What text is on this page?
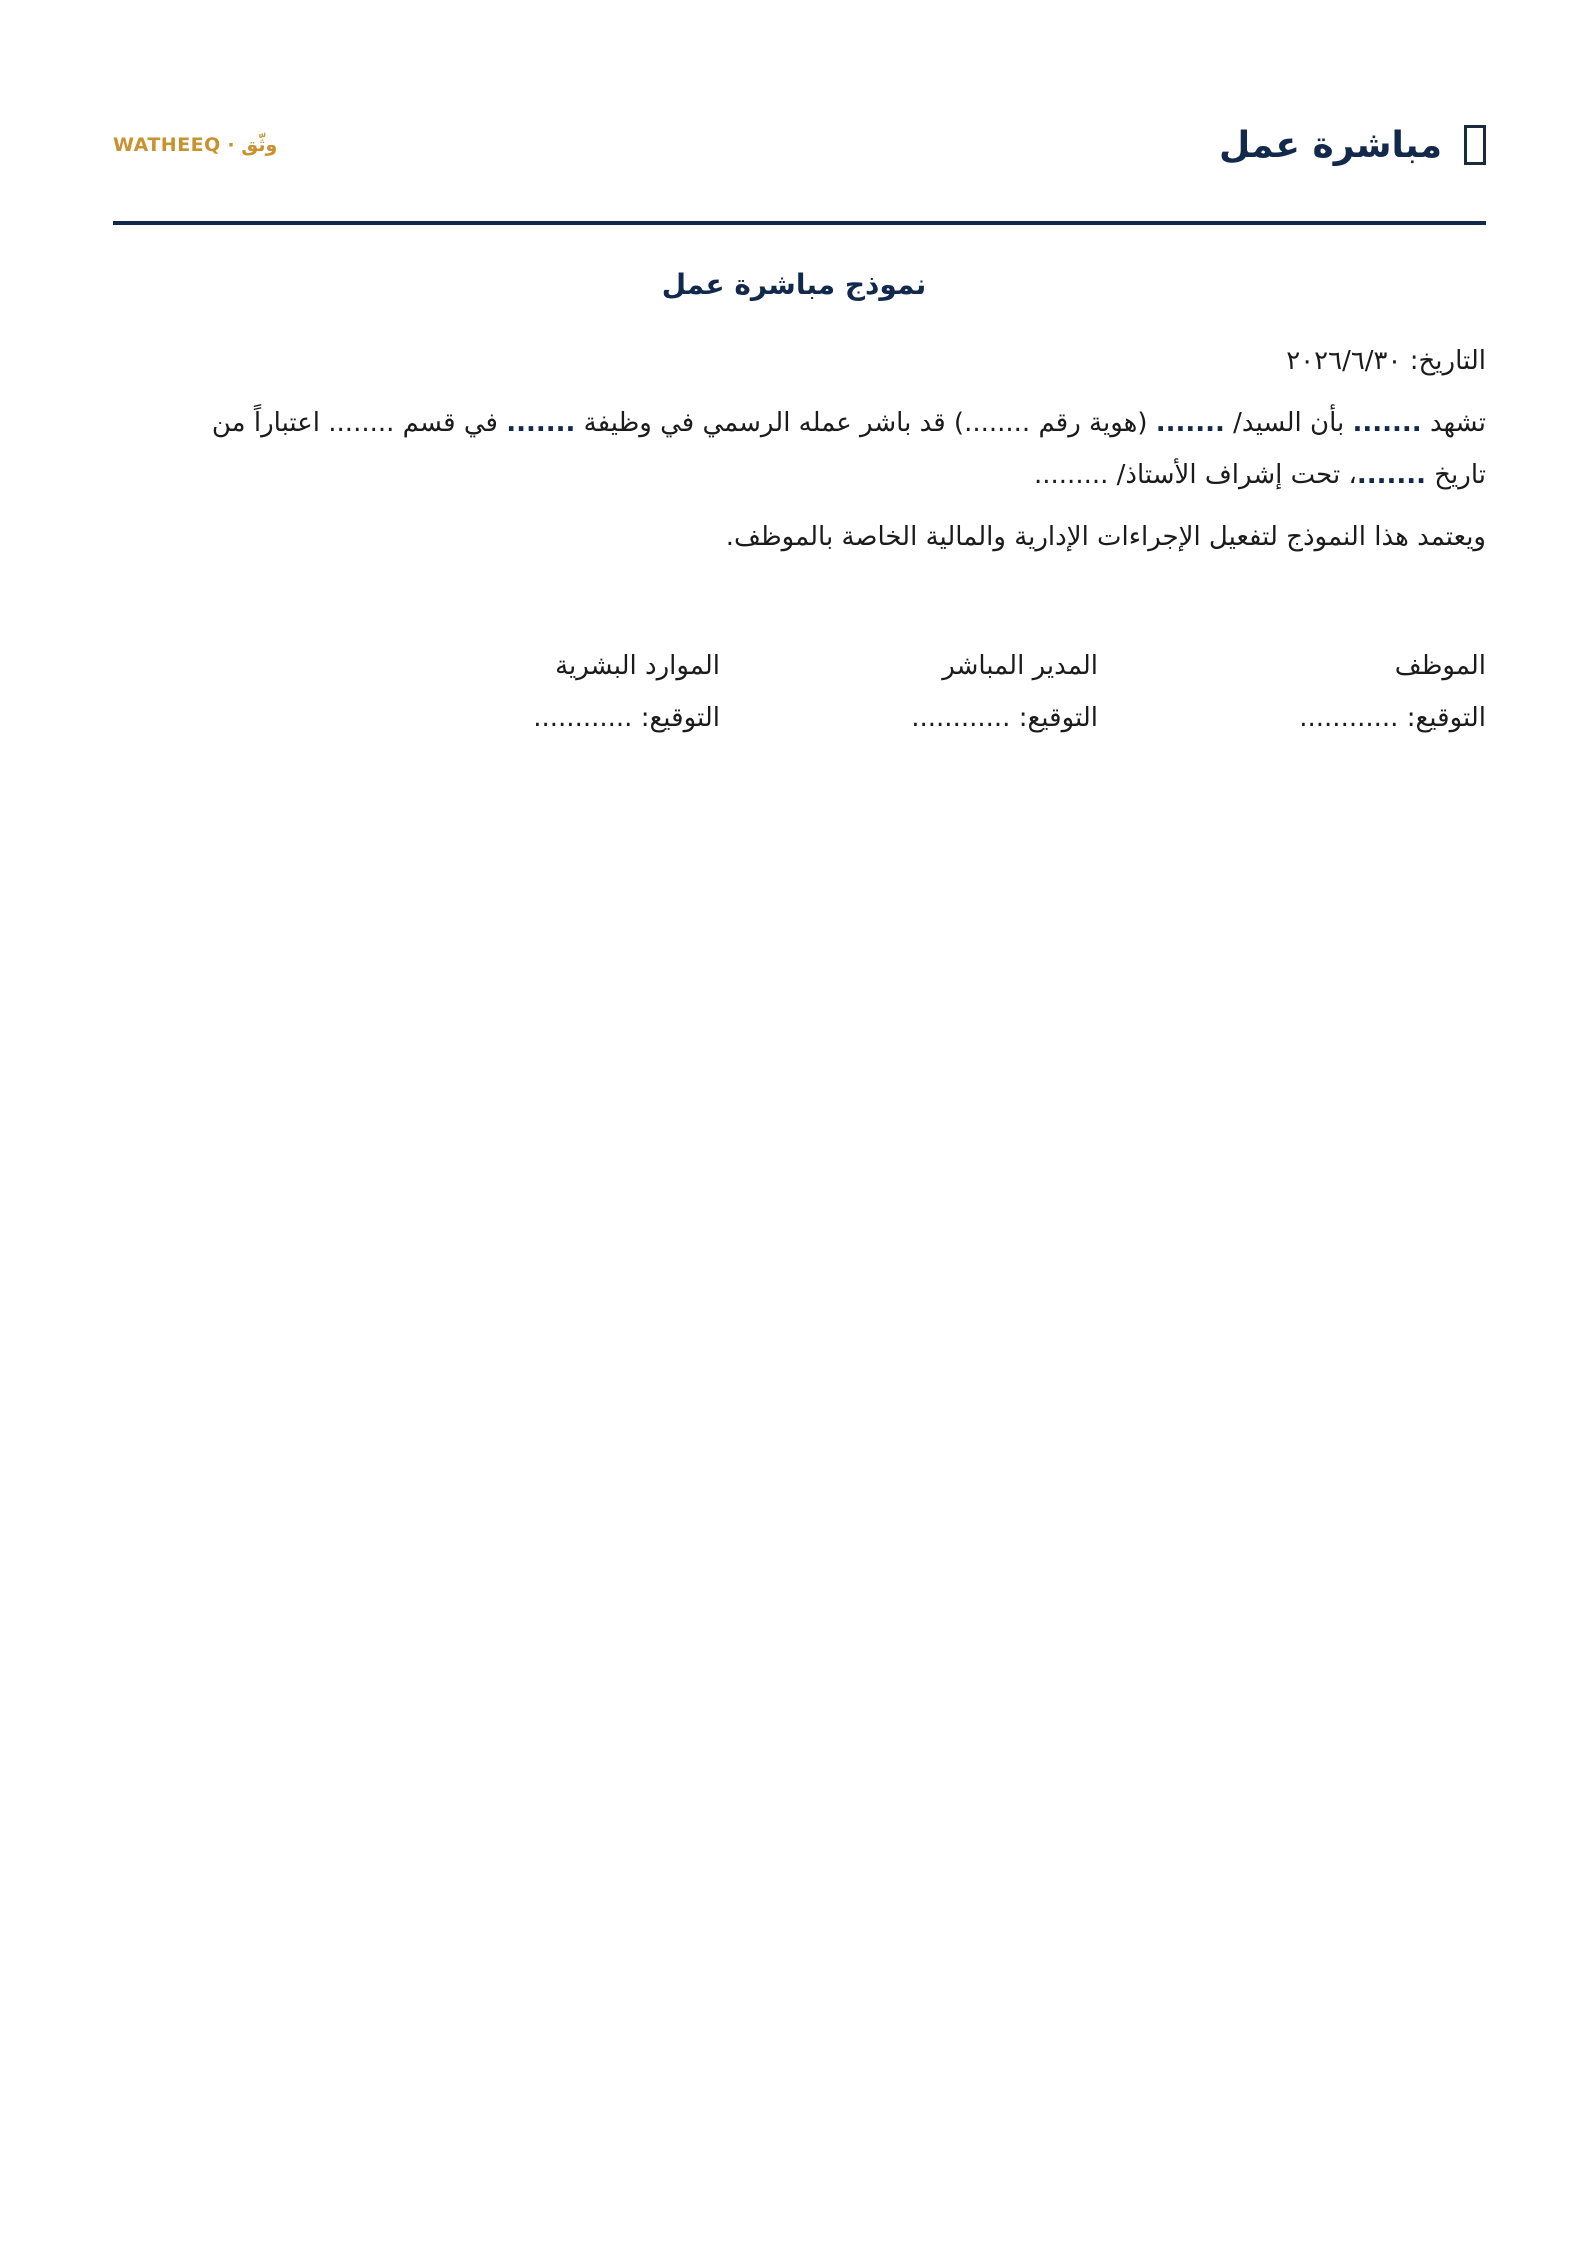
مباشرة عمل
وثّق · WATHEEQ
نموذج مباشرة عمل

التاريخ: ٢٠٢٦/٦/٣٠

تشهد ....... بأن السيد/ ....... (هوية رقم ........) قد باشر عمله الرسمي في وظيفة ....... في قسم ........ اعتباراً من تاريخ .......، تحت إشراف الأستاذ/ .........

ويعتمد هذا النموذج لتفعيل الإجراءات الإدارية والمالية الخاصة بالموظف.

الموظف
التوقيع: ............
المدير المباشر
التوقيع: ............
الموارد البشرية
التوقيع: ............
